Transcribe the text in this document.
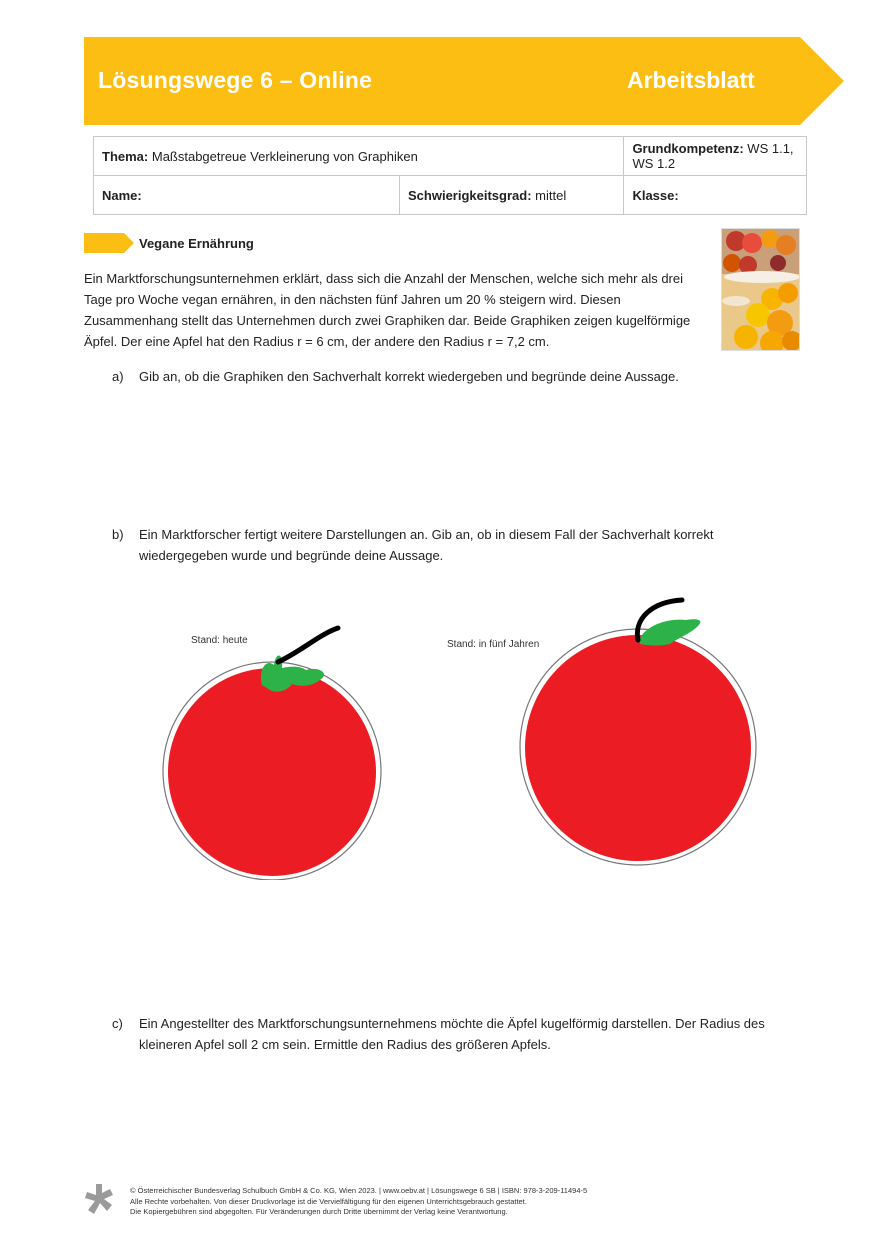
Lösungswege 6 – Online	Arbeitsblatt
Thema: Maßstabgetreue Verkleinerung von Graphiken		Grundkompetenz: WS 1.1, WS 1.2
Name:	Schwierigkeitsgrad: mittel	Klasse:
Vegane Ernährung
Ein Marktforschungsunternehmen erklärt, dass sich die Anzahl der Menschen, welche sich mehr als drei
Tage pro Woche vegan ernähren, in den nächsten fünf Jahren um 20 % steigern wird. Diesen
Zusammenhang stellt das Unternehmen durch zwei Graphiken dar. Beide Graphiken zeigen kugelförmige
Äpfel. Der eine Apfel hat den Radius r = 6 cm, der andere den Radius r = 7,2 cm.
a) Gib an, ob die Graphiken den Sachverhalt korrekt wiedergeben und begründe deine Aussage.
b) Ein Marktforscher fertigt weitere Darstellungen an. Gib an, ob in diesem Fall der Sachverhalt korrekt
wiedergegeben wurde und begründe deine Aussage.
Stand: heute	Stand: in fünf Jahren
c) Ein Angestellter des Marktforschungsunternehmens möchte die Äpfel kugelförmig darstellen. Der Radius des
kleineren Apfel soll 2 cm sein. Ermittle den Radius des größeren Apfels.
© Österreichischer Bundesverlag Schulbuch GmbH & Co. KG, Wien 2023. | www.oebv.at | Lösungswege 6 SB | ISBN: 978-3-209-11494-5
Alle Rechte vorbehalten. Von dieser Druckvorlage ist die Vervielfältigung für den eigenen Unterrichtsgebrauch gestattet.
Die Kopiergebühren sind abgegolten. Für Veränderungen durch Dritte übernimmt der Verlag keine Verantwortung.
